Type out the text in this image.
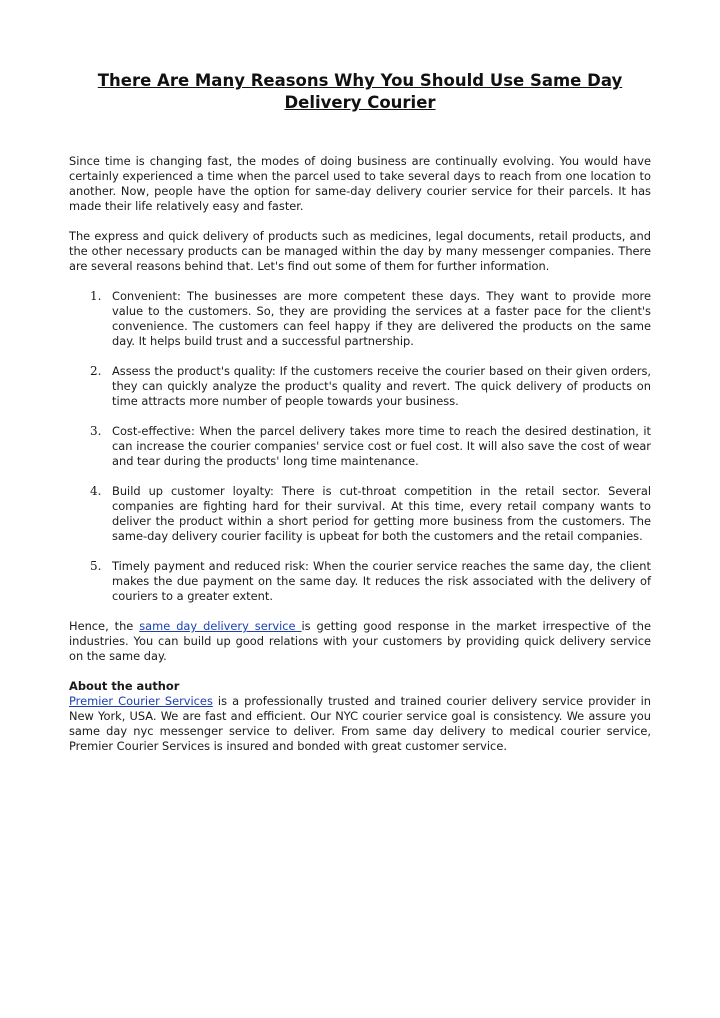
There Are Many Reasons Why You Should Use Same Day Delivery Courier

Since time is changing fast, the modes of doing business are continually evolving. You would have certainly experienced a time when the parcel used to take several days to reach from one location to another. Now, people have the option for same-day delivery courier service for their parcels. It has made their life relatively easy and faster.

The express and quick delivery of products such as medicines, legal documents, retail products, and the other necessary products can be managed within the day by many messenger companies. There are several reasons behind that. Let's find out some of them for further information.

1. Convenient: The businesses are more competent these days. They want to provide more value to the customers. So, they are providing the services at a faster pace for the client's convenience. The customers can feel happy if they are delivered the products on the same day. It helps build trust and a successful partnership.
2. Assess the product's quality: If the customers receive the courier based on their given orders, they can quickly analyze the product's quality and revert. The quick delivery of products on time attracts more number of people towards your business.
3. Cost-effective: When the parcel delivery takes more time to reach the desired destination, it can increase the courier companies' service cost or fuel cost. It will also save the cost of wear and tear during the products' long time maintenance.
4. Build up customer loyalty: There is cut-throat competition in the retail sector. Several companies are fighting hard for their survival. At this time, every retail company wants to deliver the product within a short period for getting more business from the customers. The same-day delivery courier facility is upbeat for both the customers and the retail companies.
5. Timely payment and reduced risk: When the courier service reaches the same day, the client makes the due payment on the same day. It reduces the risk associated with the delivery of couriers to a greater extent.

Hence, the same day delivery service is getting good response in the market irrespective of the industries. You can build up good relations with your customers by providing quick delivery service on the same day.

About the author

Premier Courier Services is a professionally trusted and trained courier delivery service provider in New York, USA. We are fast and efficient. Our NYC courier service goal is consistency. We assure you same day nyc messenger service to deliver. From same day delivery to medical courier service, Premier Courier Services is insured and bonded with great customer service.
